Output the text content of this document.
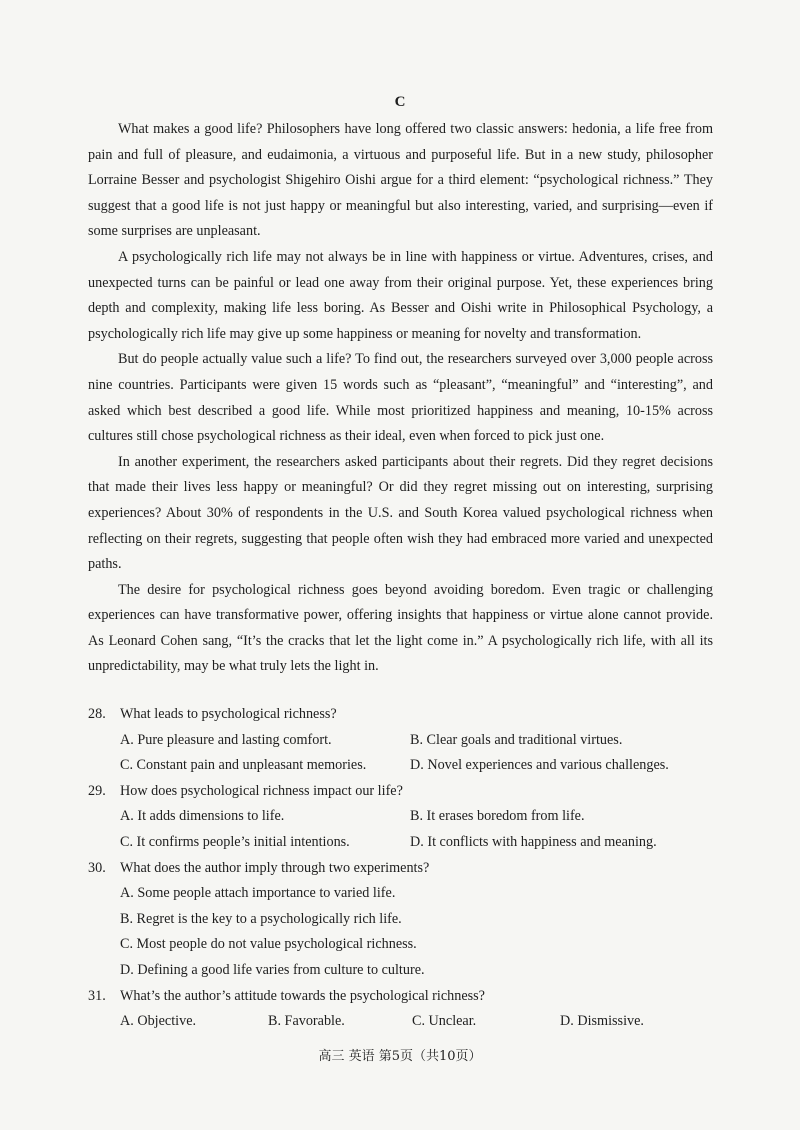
C

What makes a good life? Philosophers have long offered two classic answers: hedonia, a life free from pain and full of pleasure, and eudaimonia, a virtuous and purposeful life. But in a new study, philosopher Lorraine Besser and psychologist Shigehiro Oishi argue for a third element: “psychological richness.” They suggest that a good life is not just happy or meaningful but also interesting, varied, and surprising—even if some surprises are unpleasant.

A psychologically rich life may not always be in line with happiness or virtue. Adventures, crises, and unexpected turns can be painful or lead one away from their original purpose. Yet, these experiences bring depth and complexity, making life less boring. As Besser and Oishi write in Philosophical Psychology, a psychologically rich life may give up some happiness or meaning for novelty and transformation.

But do people actually value such a life? To find out, the researchers surveyed over 3,000 people across nine countries. Participants were given 15 words such as “pleasant”, “meaningful” and “interesting”, and asked which best described a good life. While most prioritized happiness and meaning, 10-15% across cultures still chose psychological richness as their ideal, even when forced to pick just one.

In another experiment, the researchers asked participants about their regrets. Did they regret decisions that made their lives less happy or meaningful? Or did they regret missing out on interesting, surprising experiences? About 30% of respondents in the U.S. and South Korea valued psychological richness when reflecting on their regrets, suggesting that people often wish they had embraced more varied and unexpected paths.

The desire for psychological richness goes beyond avoiding boredom. Even tragic or challenging experiences can have transformative power, offering insights that happiness or virtue alone cannot provide. As Leonard Cohen sang, “It’s the cracks that let the light come in.” A psychologically rich life, with all its unpredictability, may be what truly lets the light in.

28. What leads to psychological richness?
A. Pure pleasure and lasting comfort.	B. Clear goals and traditional virtues.
C. Constant pain and unpleasant memories.	D. Novel experiences and various challenges.
29. How does psychological richness impact our life?
A. It adds dimensions to life.	B. It erases boredom from life.
C. It confirms people’s initial intentions.	D. It conflicts with happiness and meaning.
30. What does the author imply through two experiments?
A. Some people attach importance to varied life.
B. Regret is the key to a psychologically rich life.
C. Most people do not value psychological richness.
D. Defining a good life varies from culture to culture.
31. What’s the author’s attitude towards the psychological richness?
A. Objective.	B. Favorable.	C. Unclear.	D. Dismissive.
高三 英语 第5页（共10页）
